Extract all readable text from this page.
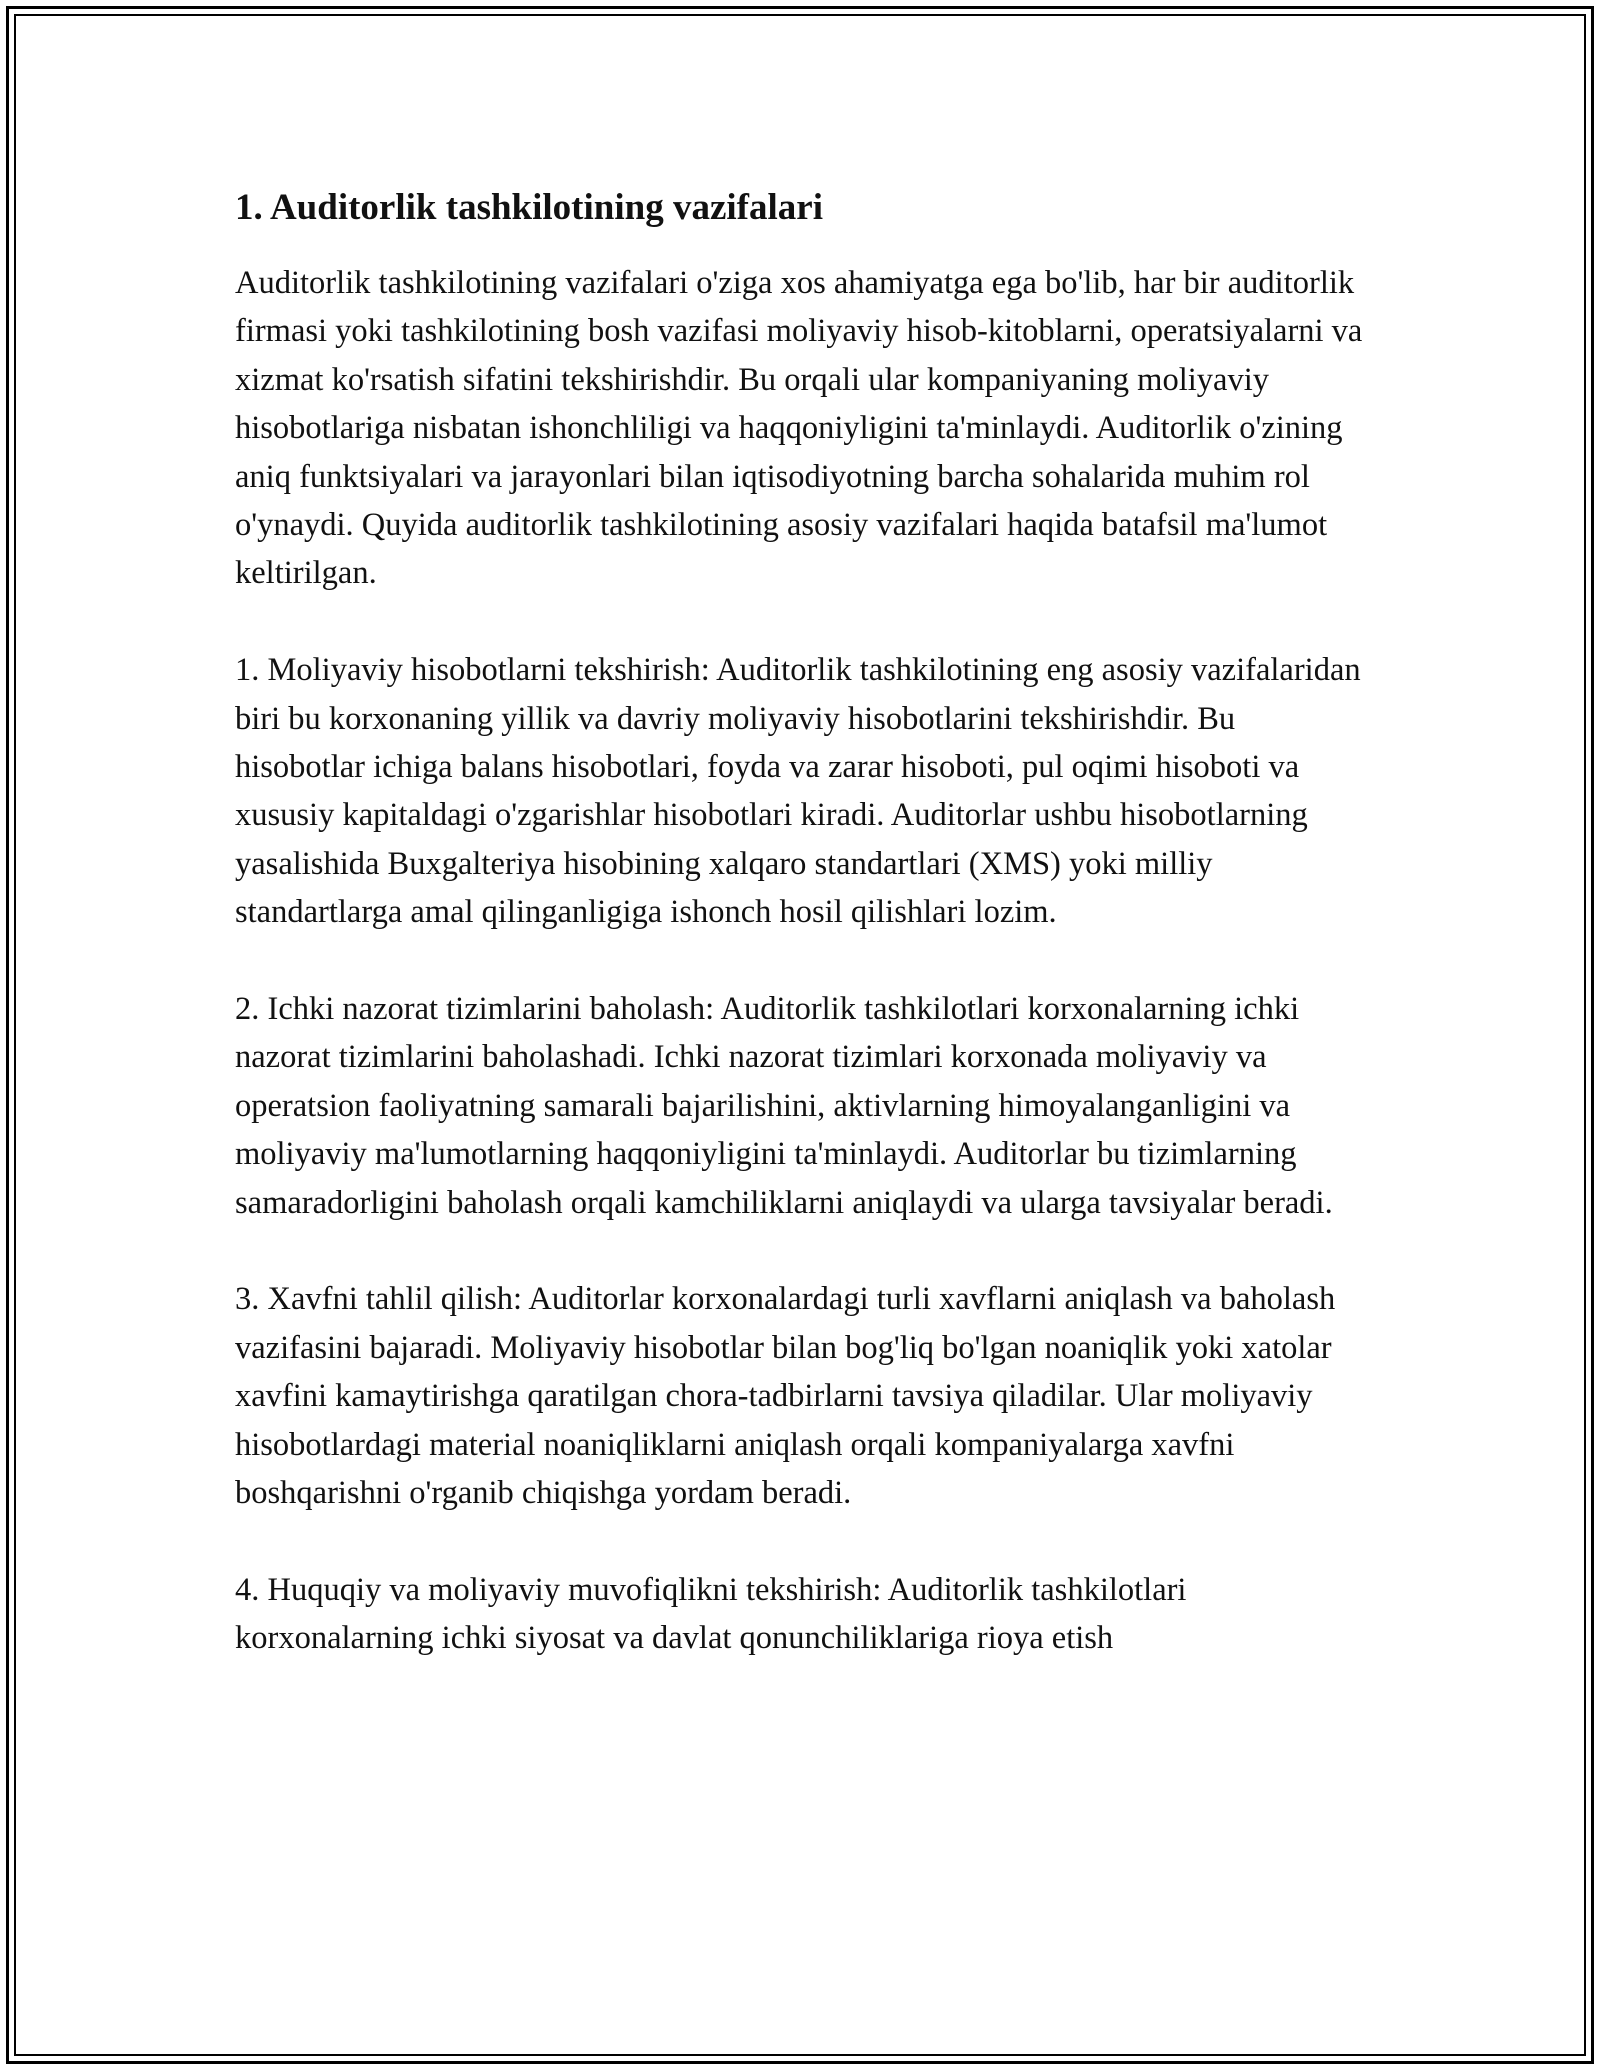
1. Auditorlik tashkilotining vazifalari

Auditorlik tashkilotining vazifalari o'ziga xos ahamiyatga ega bo'lib, har bir auditorlik firmasi yoki tashkilotining bosh vazifasi moliyaviy hisob-kitoblarni, operatsiyalarni va xizmat ko'rsatish sifatini tekshirishdir. Bu orqali ular kompaniyaning moliyaviy hisobotlariga nisbatan ishonchliligi va haqqoniyligini ta'minlaydi. Auditorlik o'zining aniq funktsiyalari va jarayonlari bilan iqtisodiyotning barcha sohalarida muhim rol o'ynaydi. Quyida auditorlik tashkilotining asosiy vazifalari haqida batafsil ma'lumot keltirilgan.

1. Moliyaviy hisobotlarni tekshirish: Auditorlik tashkilotining eng asosiy vazifalaridan biri bu korxonaning yillik va davriy moliyaviy hisobotlarini tekshirishdir. Bu hisobotlar ichiga balans hisobotlari, foyda va zarar hisoboti, pul oqimi hisoboti va xususiy kapitaldagi o'zgarishlar hisobotlari kiradi. Auditorlar ushbu hisobotlarning yasalishida Buxgalteriya hisobining xalqaro standartlari (XMS) yoki milliy standartlarga amal qilinganligiga ishonch hosil qilishlari lozim.

2. Ichki nazorat tizimlarini baholash: Auditorlik tashkilotlari korxonalarning ichki nazorat tizimlarini baholashadi. Ichki nazorat tizimlari korxonada moliyaviy va operatsion faoliyatning samarali bajarilishini, aktivlarning himoyalanganligini va moliyaviy ma'lumotlarning haqqoniyligini ta'minlaydi. Auditorlar bu tizimlarning samaradorligini baholash orqali kamchiliklarni aniqlaydi va ularga tavsiyalar beradi.

3. Xavfni tahlil qilish: Auditorlar korxonalardagi turli xavflarni aniqlash va baholash vazifasini bajaradi. Moliyaviy hisobotlar bilan bog'liq bo'lgan noaniqlik yoki xatolar xavfini kamaytirishga qaratilgan chora-tadbirlarni tavsiya qiladilar. Ular moliyaviy hisobotlardagi material noaniqliklarni aniqlash orqali kompaniyalarga xavfni boshqarishni o'rganib chiqishga yordam beradi.

4. Huquqiy va moliyaviy muvofiqlikni tekshirish: Auditorlik tashkilotlari korxonalarning ichki siyosat va davlat qonunchiliklariga rioya etish
